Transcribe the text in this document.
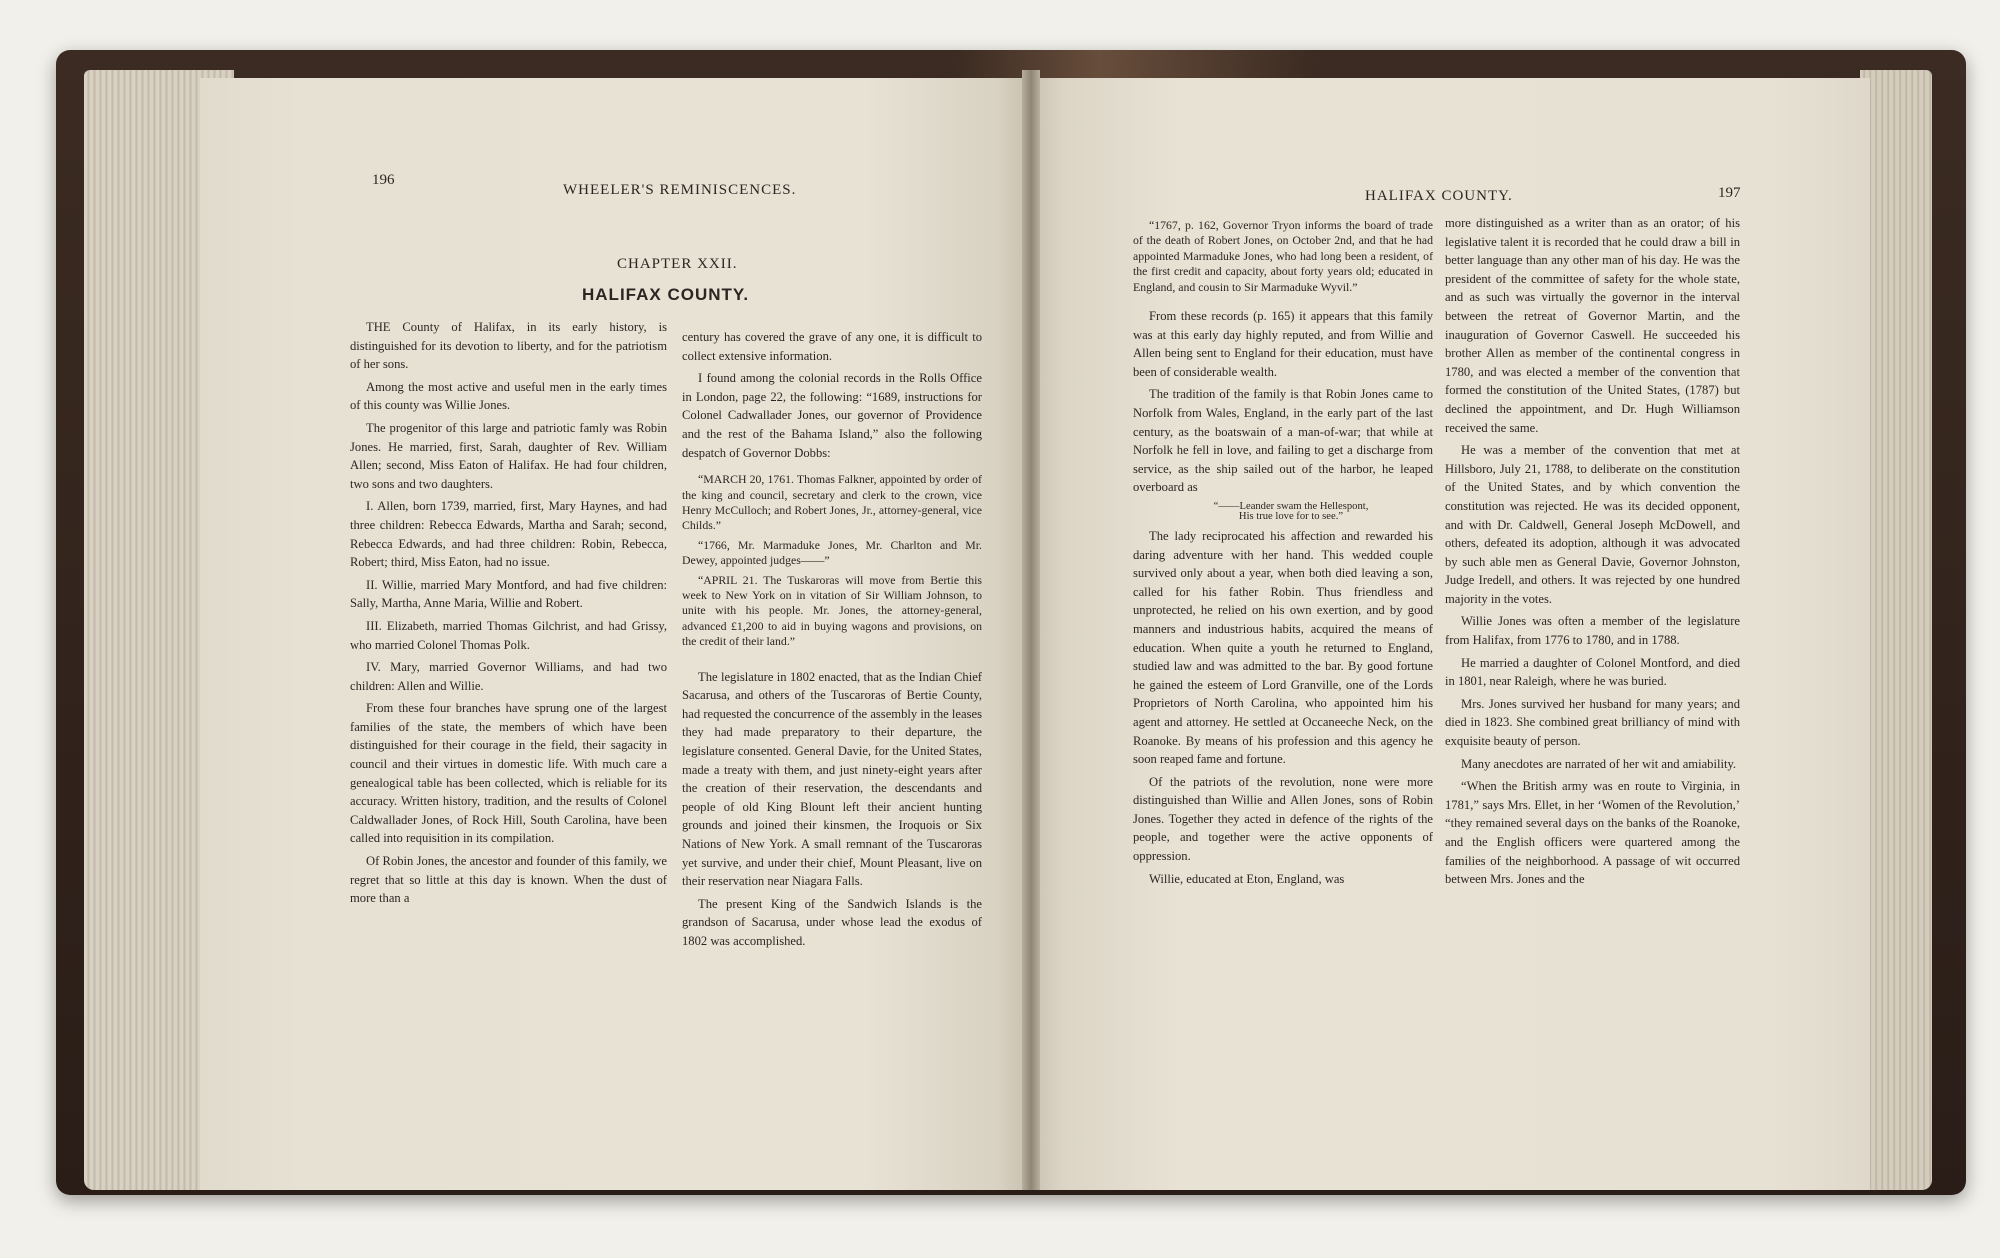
196
WHEELER'S REMINISCENCES.
CHAPTER XXII.
HALIFAX COUNTY.

THE County of Halifax, in its early history, is distinguished for its devotion to liberty, and for the patriotism of her sons.

Among the most active and useful men in the early times of this county was Willie Jones.

The progenitor of this large and patriotic famly was Robin Jones. He married, first, Sarah, daughter of Rev. William Allen; second, Miss Eaton of Halifax. He had four children, two sons and two daughters.

I. Allen, born 1739, married, first, Mary Haynes, and had three children: Rebecca Edwards, Martha and Sarah; second, Rebecca Edwards, and had three children: Robin, Rebecca, Robert; third, Miss Eaton, had no issue.

II. Willie, married Mary Montford, and had five children: Sally, Martha, Anne Maria, Willie and Robert.

III. Elizabeth, married Thomas Gilchrist, and had Grissy, who married Colonel Thomas Polk.

IV. Mary, married Governor Williams, and had two children: Allen and Willie.

From these four branches have sprung one of the largest families of the state, the members of which have been distinguished for their courage in the field, their sagacity in council and their virtues in domestic life. With much care a genealogical table has been collected, which is reliable for its accuracy. Written history, tradition, and the results of Colonel Caldwallader Jones, of Rock Hill, South Carolina, have been called into requisition in its compilation.

Of Robin Jones, the ancestor and founder of this family, we regret that so little at this day is known. When the dust of more than a

century has covered the grave of any one, it is difficult to collect extensive information.

I found among the colonial records in the Rolls Office in London, page 22, the following: “1689, instructions for Colonel Cadwallader Jones, our governor of Providence and the rest of the Bahama Island,” also the following despatch of Governor Dobbs:

“MARCH 20, 1761. Thomas Falkner, appointed by order of the king and council, secretary and clerk to the crown, vice Henry McCulloch; and Robert Jones, Jr., attorney-general, vice Childs.”

“1766, Mr. Marmaduke Jones, Mr. Charlton and Mr. Dewey, appointed judges——”

“APRIL 21. The Tuskaroras will move from Bertie this week to New York on in vitation of Sir William Johnson, to unite with his people. Mr. Jones, the attorney-general, advanced £1,200 to aid in buying wagons and provisions, on the credit of their land.”

The legislature in 1802 enacted, that as the Indian Chief Sacarusa, and others of the Tuscaroras of Bertie County, had requested the concurrence of the assembly in the leases they had made preparatory to their departure, the legislature consented. General Davie, for the United States, made a treaty with them, and just ninety-eight years after the creation of their reservation, the descendants and people of old King Blount left their ancient hunting grounds and joined their kinsmen, the Iroquois or Six Nations of New York. A small remnant of the Tuscaroras yet survive, and under their chief, Mount Pleasant, live on their reservation near Niagara Falls.

The present King of the Sandwich Islands is the grandson of Sacarusa, under whose lead the exodus of 1802 was accomplished.

HALIFAX COUNTY.	197

“1767, p. 162, Governor Tryon informs the board of trade of the death of Robert Jones, on October 2nd, and that he had appointed Marmaduke Jones, who had long been a resident, of the first credit and capacity, about forty years old; educated in England, and cousin to Sir Marmaduke Wyvil.”

From these records (p. 165) it appears that this family was at this early day highly reputed, and from Willie and Allen being sent to England for their education, must have been of considerable wealth.

The tradition of the family is that Robin Jones came to Norfolk from Wales, England, in the early part of the last century, as the boatswain of a man-of-war; that while at Norfolk he fell in love, and failing to get a discharge from service, as the ship sailed out of the harbor, he leaped overboard as

“——Leander swam the Hellespont,

His true love for to see.”

The lady reciprocated his affection and rewarded his daring adventure with her hand. This wedded couple survived only about a year, when both died leaving a son, called for his father Robin. Thus friendless and unprotected, he relied on his own exertion, and by good manners and industrious habits, acquired the means of education. When quite a youth he returned to England, studied law and was admitted to the bar. By good fortune he gained the esteem of Lord Granville, one of the Lords Proprietors of North Carolina, who appointed him his agent and attorney. He settled at Occaneeche Neck, on the Roanoke. By means of his profession and this agency he soon reaped fame and fortune.

Of the patriots of the revolution, none were more distinguished than Willie and Allen Jones, sons of Robin Jones. Together they acted in defence of the rights of the people, and together were the active opponents of oppression.

Willie, educated at Eton, England, was

more distinguished as a writer than as an orator; of his legislative talent it is recorded that he could draw a bill in better language than any other man of his day. He was the president of the committee of safety for the whole state, and as such was virtually the governor in the interval between the retreat of Governor Martin, and the inauguration of Governor Caswell. He succeeded his brother Allen as member of the continental congress in 1780, and was elected a member of the convention that formed the constitution of the United States, (1787) but declined the appointment, and Dr. Hugh Williamson received the same.

He was a member of the convention that met at Hillsboro, July 21, 1788, to deliberate on the constitution of the United States, and by which convention the constitution was rejected. He was its decided opponent, and with Dr. Caldwell, General Joseph McDowell, and others, defeated its adoption, although it was advocated by such able men as General Davie, Governor Johnston, Judge Iredell, and others. It was rejected by one hundred majority in the votes.

Willie Jones was often a member of the legislature from Halifax, from 1776 to 1780, and in 1788.

He married a daughter of Colonel Montford, and died in 1801, near Raleigh, where he was buried.

Mrs. Jones survived her husband for many years; and died in 1823. She combined great brilliancy of mind with exquisite beauty of person.

Many anecdotes are narrated of her wit and amiability.

“When the British army was en route to Virginia, in 1781,” says Mrs. Ellet, in her ‘Women of the Revolution,’ “they remained several days on the banks of the Roanoke, and the English officers were quartered among the families of the neighborhood. A passage of wit occurred between Mrs. Jones and the
